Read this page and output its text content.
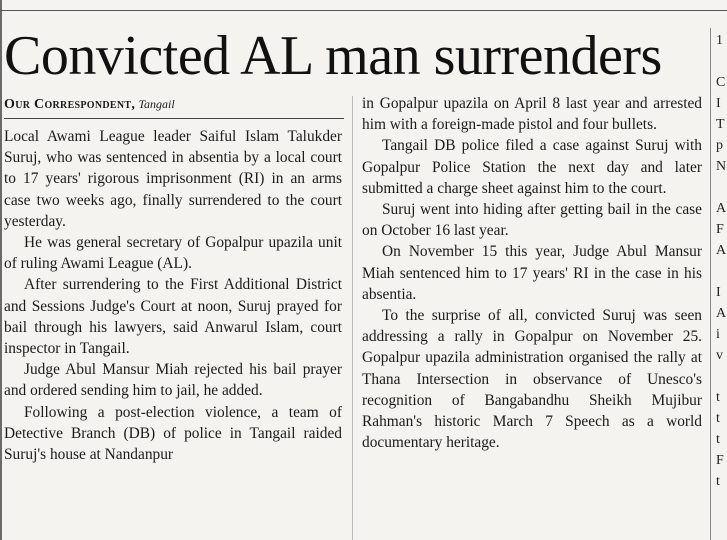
Convicted AL man surrenders
Our Correspondent, Tangail

Local Awami League leader Saiful Islam Talukder Suruj, who was sentenced in absentia by a local court to 17 years' rigorous imprisonment (RI) in an arms case two weeks ago, finally surrendered to the court yesterday.

He was general secretary of Gopalpur upazila unit of ruling Awami League (AL).

After surrendering to the First Additional District and Sessions Judge's Court at noon, Suruj prayed for bail through his lawyers, said Anwarul Islam, court inspector in Tangail.

Judge Abul Mansur Miah rejected his bail prayer and ordered sending him to jail, he added.

Following a post-election violence, a team of Detective Branch (DB) of police in Tangail raided Suruj's house at Nandanpur

in Gopalpur upazila on April 8 last year and arrested him with a foreign-made pistol and four bullets.

Tangail DB police filed a case against Suruj with Gopalpur Police Station the next day and later submitted a charge sheet against him to the court.

Suruj went into hiding after getting bail in the case on October 16 last year.

On November 15 this year, Judge Abul Mansur Miah sentenced him to 17 years' RI in the case in his absentia.

To the surprise of all, convicted Suruj was seen addressing a rally in Gopalpur on November 25. Gopalpur upazila administration organised the rally at Thana Intersection in observance of Unesco's recognition of Bangabandhu Sheikh Mujibur Rahman's historic March 7 Speech as a world documentary heritage.

1
C
I
T
p
N
A
F
A
I
A
i
v
t
t
t
F
t
